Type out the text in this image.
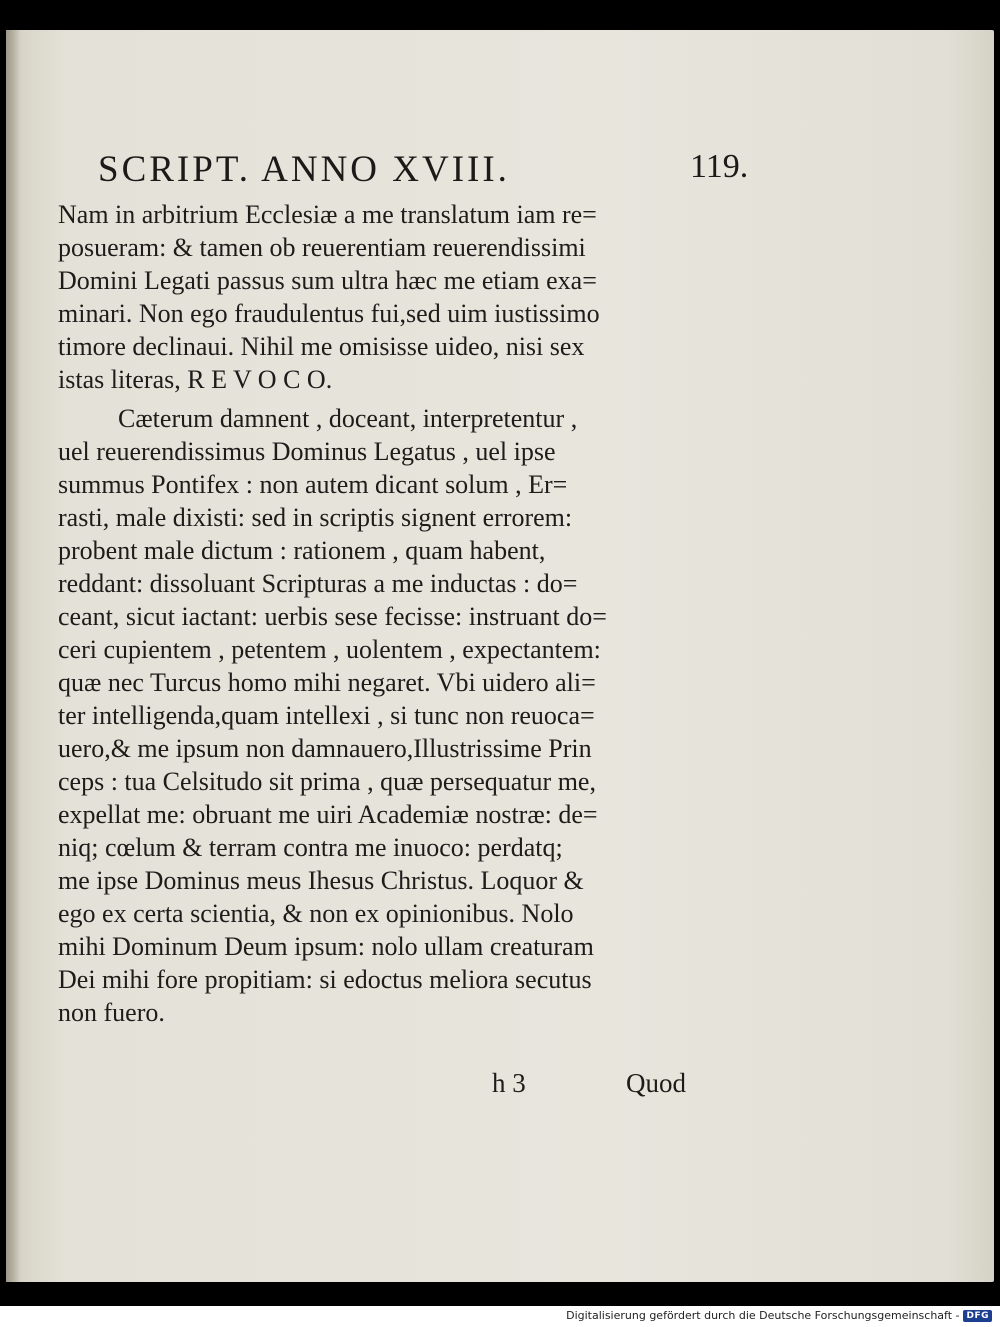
SCRIPT. ANNO XVIII.	119.
Nam in arbitrium Ecclesiæ a me translatum iam re=
posueram: & tamen ob reuerentiam reuerendissimi
Domini Legati passus sum ultra hæc me etiam exa=
minari. Non ego fraudulentus fui,sed uim iustissimo
timore declinaui. Nihil me omisisse uideo, nisi sex
istas literas, R E V O C O.
Cæterum damnent , doceant, interpretentur ,
uel reuerendissimus Dominus Legatus , uel ipse
summus Pontifex : non autem dicant solum , Er=
rasti, male dixisti: sed in scriptis signent errorem:
probent male dictum : rationem , quam habent,
reddant: dissoluant Scripturas a me inductas : do=
ceant, sicut iactant: uerbis sese fecisse: instruant do=
ceri cupientem , petentem , uolentem , expectantem:
quæ nec Turcus homo mihi negaret. Vbi uidero ali=
ter intelligenda,quam intellexi , si tunc non reuoca=
uero,& me ipsum non damnauero,Illustrissime Prin
ceps : tua Celsitudo sit prima , quæ persequatur me,
expellat me: obruant me uiri Academiæ nostræ: de=
niq; cœlum & terram contra me inuoco: perdatq;
me ipse Dominus meus Ihesus Christus. Loquor &
ego ex certa scientia, & non ex opinionibus. Nolo
mihi Dominum Deum ipsum: nolo ullam creaturam
Dei mihi fore propitiam: si edoctus meliora secutus
non fuero.
h 3	Quod
Digitalisierung gefördert durch die Deutsche Forschungsgemeinschaft - DFG
